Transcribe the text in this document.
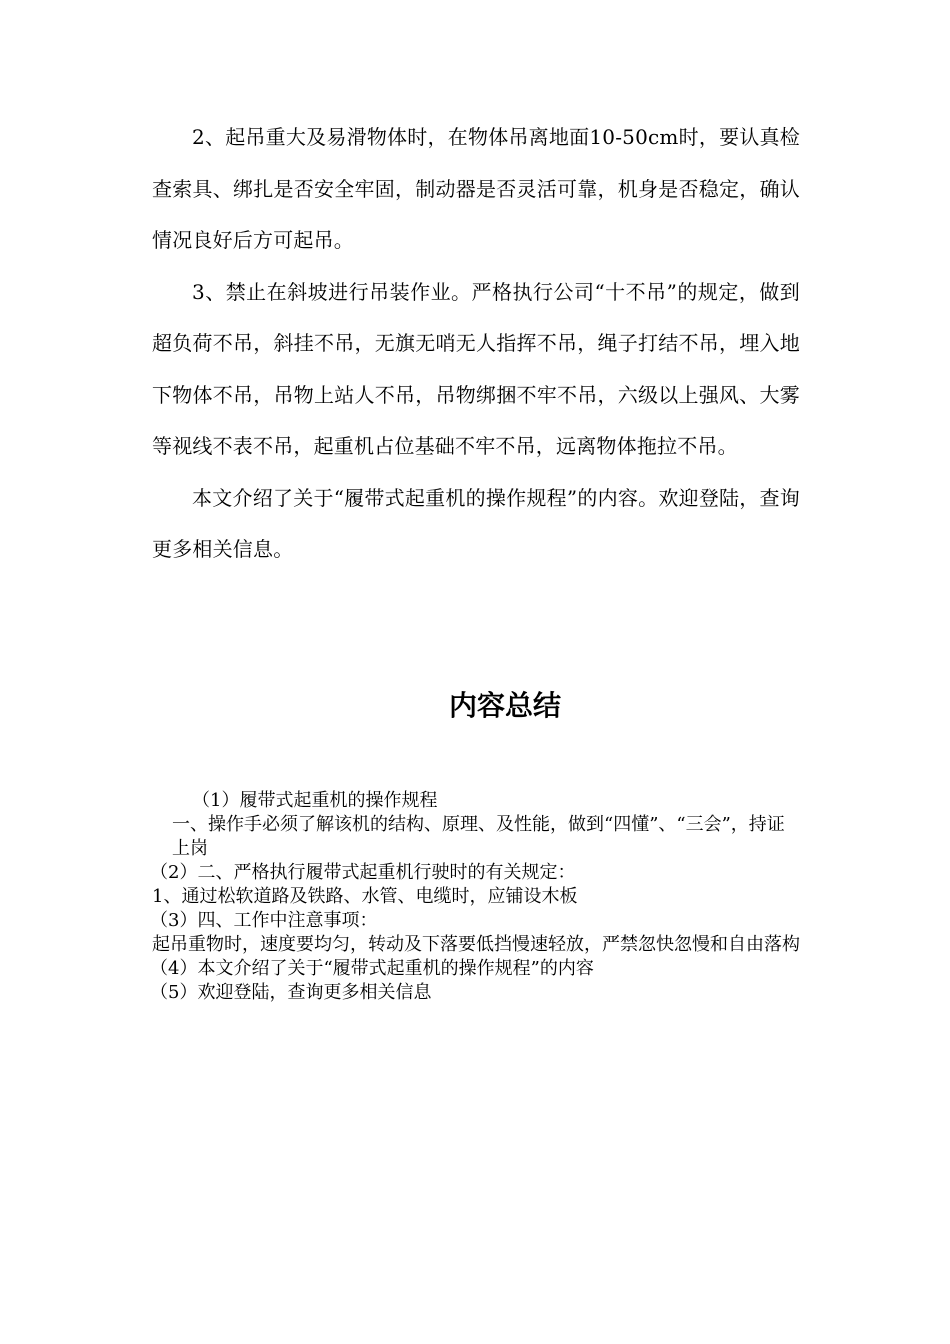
2、起吊重大及易滑物体时，在物体吊离地面10-50cm时，要认真检查索具、绑扎是否安全牢固，制动器是否灵活可靠，机身是否稳定，确认情况良好后方可起吊。

3、禁止在斜坡进行吊装作业。严格执行公司“十不吊”的规定，做到超负荷不吊，斜挂不吊，无旗无哨无人指挥不吊，绳子打结不吊，埋入地下物体不吊，吊物上站人不吊，吊物绑捆不牢不吊，六级以上强风、大雾等视线不表不吊，起重机占位基础不牢不吊，远离物体拖拉不吊。

本文介绍了关于“履带式起重机的操作规程”的内容。欢迎登陆，查询更多相关信息。

内容总结

（1）履带式起重机的操作规程

一、操作手必须了解该机的结构、原理、及性能，做到“四懂”、“三会”，持证上岗

（2）二、严格执行履带式起重机行驶时的有关规定：

1、通过松软道路及铁路、水管、电缆时，应铺设木板

（3）四、工作中注意事项：

起吊重物时，速度要均匀，转动及下落要低挡慢速轻放，严禁忽快忽慢和自由落构

（4）本文介绍了关于“履带式起重机的操作规程”的内容

（5）欢迎登陆，查询更多相关信息
